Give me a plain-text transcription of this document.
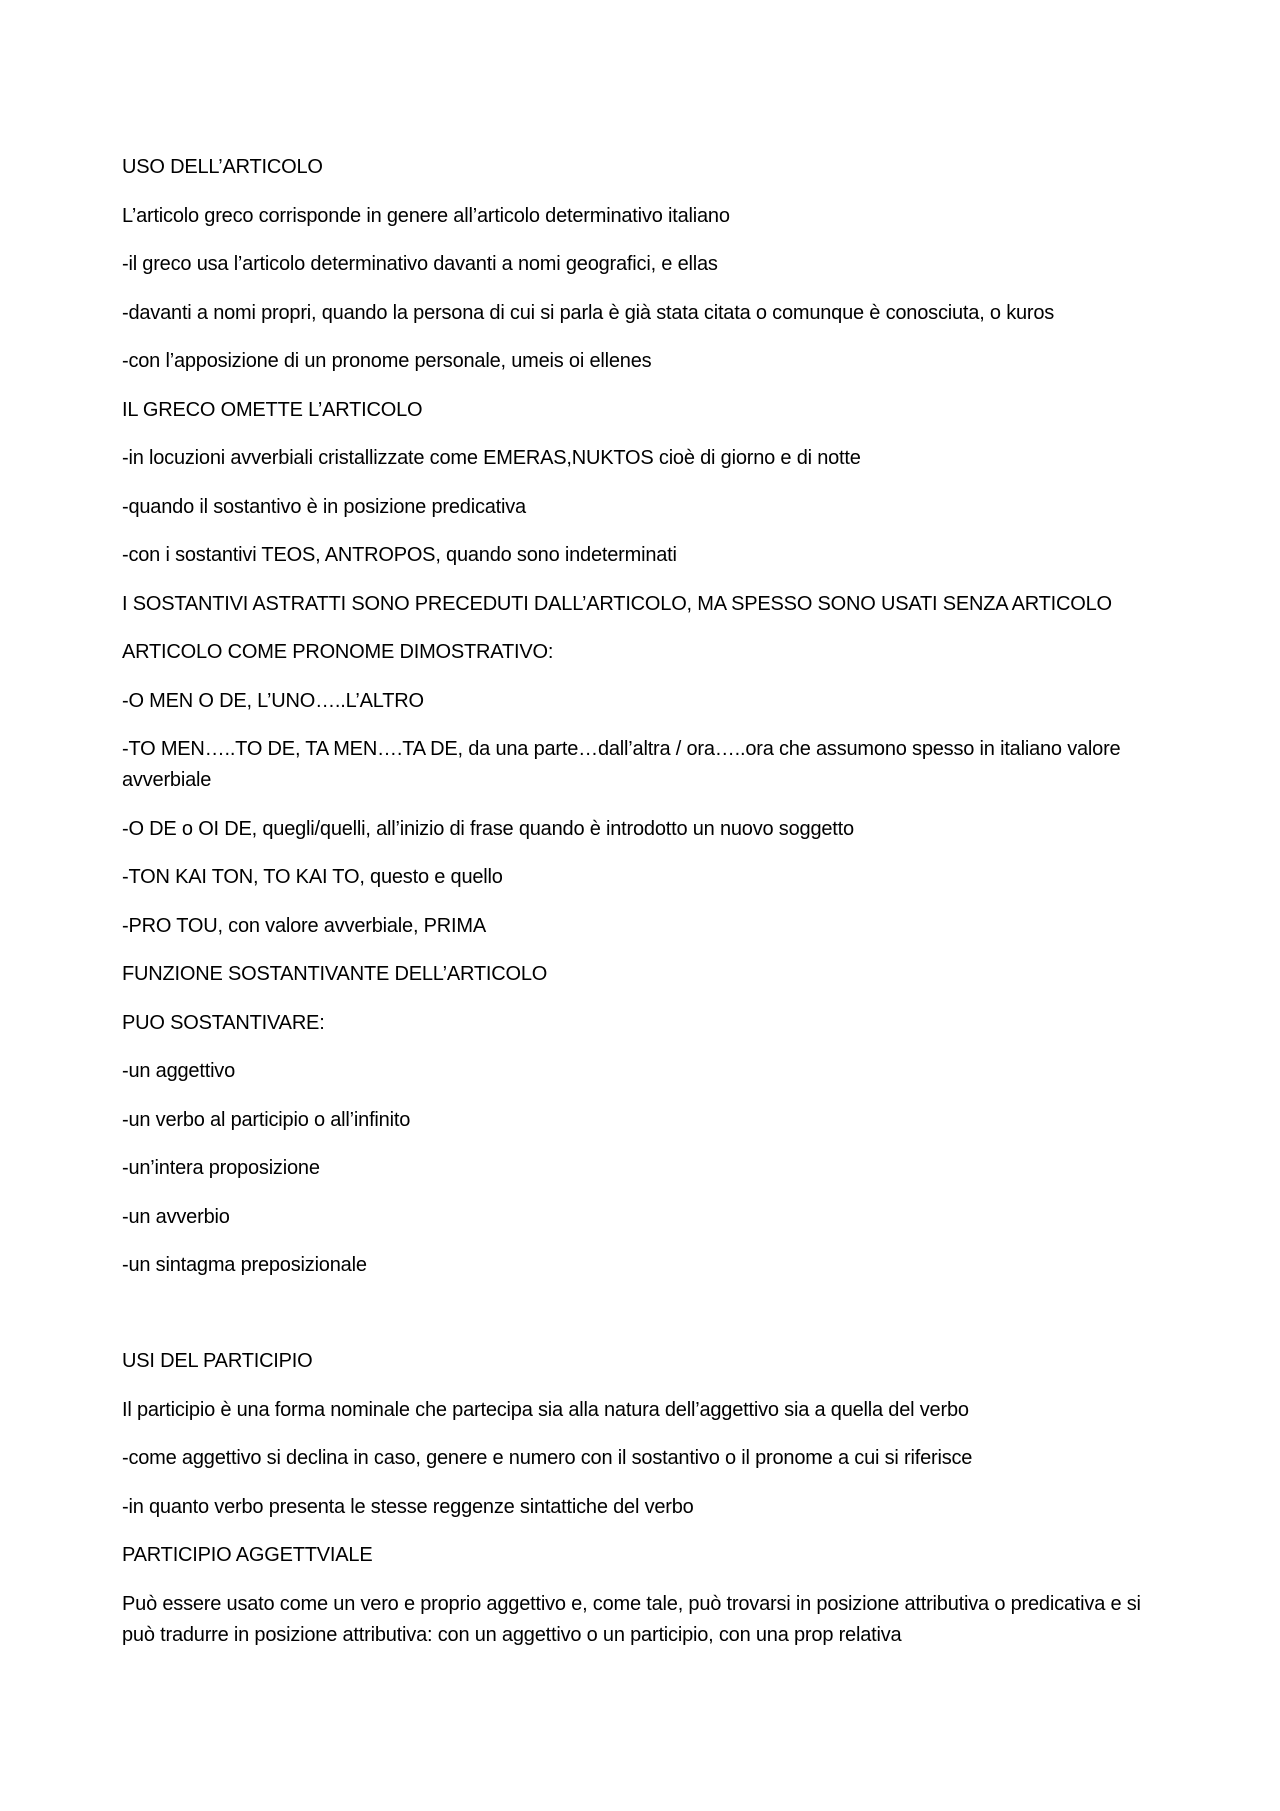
USO DELL’ARTICOLO
L’articolo greco corrisponde in genere all’articolo determinativo italiano
-il greco usa l’articolo determinativo davanti a nomi geografici, e ellas
-davanti a nomi propri, quando la persona di cui si parla è già stata citata o comunque è conosciuta, o kuros
-con l’apposizione di un pronome personale, umeis oi ellenes
IL GRECO OMETTE L’ARTICOLO
-in locuzioni avverbiali cristallizzate come EMERAS,NUKTOS cioè di giorno e di notte
-quando il sostantivo è in posizione predicativa
-con i sostantivi TEOS, ANTROPOS, quando sono indeterminati
I SOSTANTIVI ASTRATTI SONO PRECEDUTI DALL’ARTICOLO, MA SPESSO SONO USATI SENZA ARTICOLO
ARTICOLO COME PRONOME DIMOSTRATIVO:
-O MEN O DE, L’UNO…..L’ALTRO
-TO MEN…..TO DE, TA MEN….TA DE, da una parte…dall’altra / ora…..ora che assumono spesso in italiano valore avverbiale
-O DE o OI DE, quegli/quelli, all’inizio di frase quando è introdotto un nuovo soggetto
-TON KAI TON, TO KAI TO, questo e quello
-PRO TOU, con valore avverbiale, PRIMA
FUNZIONE SOSTANTIVANTE DELL’ARTICOLO
PUO SOSTANTIVARE:
-un aggettivo
-un verbo al participio o all’infinito
-un’intera proposizione
-un avverbio
-un sintagma preposizionale
USI DEL PARTICIPIO
Il participio è una forma nominale che partecipa sia alla natura dell’aggettivo sia a quella del verbo
-come aggettivo si declina in caso, genere e numero con il sostantivo o il pronome a cui si riferisce
-in quanto verbo presenta le stesse reggenze sintattiche del verbo
PARTICIPIO AGGETTVIALE
Può essere usato come un vero e proprio aggettivo e, come tale, può trovarsi in posizione attributiva o predicativa e si può tradurre in posizione attributiva: con un aggettivo o un participio, con una prop relativa
